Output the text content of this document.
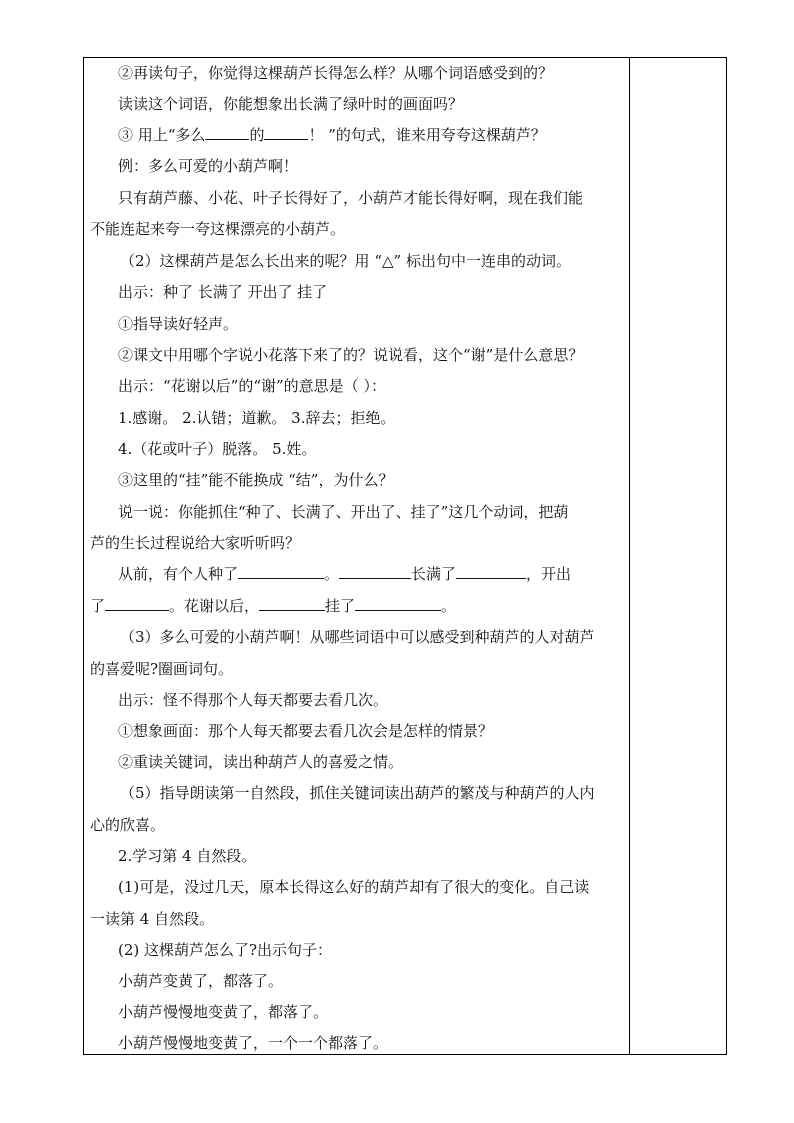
②再读句子，你觉得这棵葫芦长得怎么样？从哪个词语感受到的？
读读这个词语，你能想象出长满了绿叶时的画面吗？
③ 用上“多么	的	！ ”的句式，谁来用夸夸这棵葫芦？
例：多么可爱的小葫芦啊！
只有葫芦藤、小花、叶子长得好了，小葫芦才能长得好啊，现在我们能
不能连起来夸一夸这棵漂亮的小葫芦。
（2）这棵葫芦是怎么长出来的呢？用 “△” 标出句中一连串的动词。
出示：种了 长满了 开出了 挂了
①指导读好轻声。
②课文中用哪个字说小花落下来了的？说说看，这个“谢”是什么意思？
出示：“花谢以后”的“谢”的意思是（ ）：
1.感谢。 2.认错；道歉。 3.辞去；拒绝。
4.（花或叶子）脱落。 5.姓。
③这里的“挂”能不能换成 “结”，为什么？
说一说：你能抓住“种了、长满了、开出了、挂了”这几个动词，把葫
芦的生长过程说给大家听听吗？
从前，有个人种了	。	长满了	，开出
了	。花谢以后，	挂了	。
（3）多么可爱的小葫芦啊！从哪些词语中可以感受到种葫芦的人对葫芦
的喜爱呢?圈画词句。
出示：怪不得那个人每天都要去看几次。
①想象画面：那个人每天都要去看几次会是怎样的情景？
②重读关键词，读出种葫芦人的喜爱之情。
（5）指导朗读第一自然段，抓住关键词读出葫芦的繁茂与种葫芦的人内
心的欣喜。
2.学习第 4 自然段。
(1)可是，没过几天，原本长得这么好的葫芦却有了很大的变化。自己读
一读第 4 自然段。
(2) 这棵葫芦怎么了?出示句子：
小葫芦变黄了，都落了。
小葫芦慢慢地变黄了，都落了。
小葫芦慢慢地变黄了，一个一个都落了。
